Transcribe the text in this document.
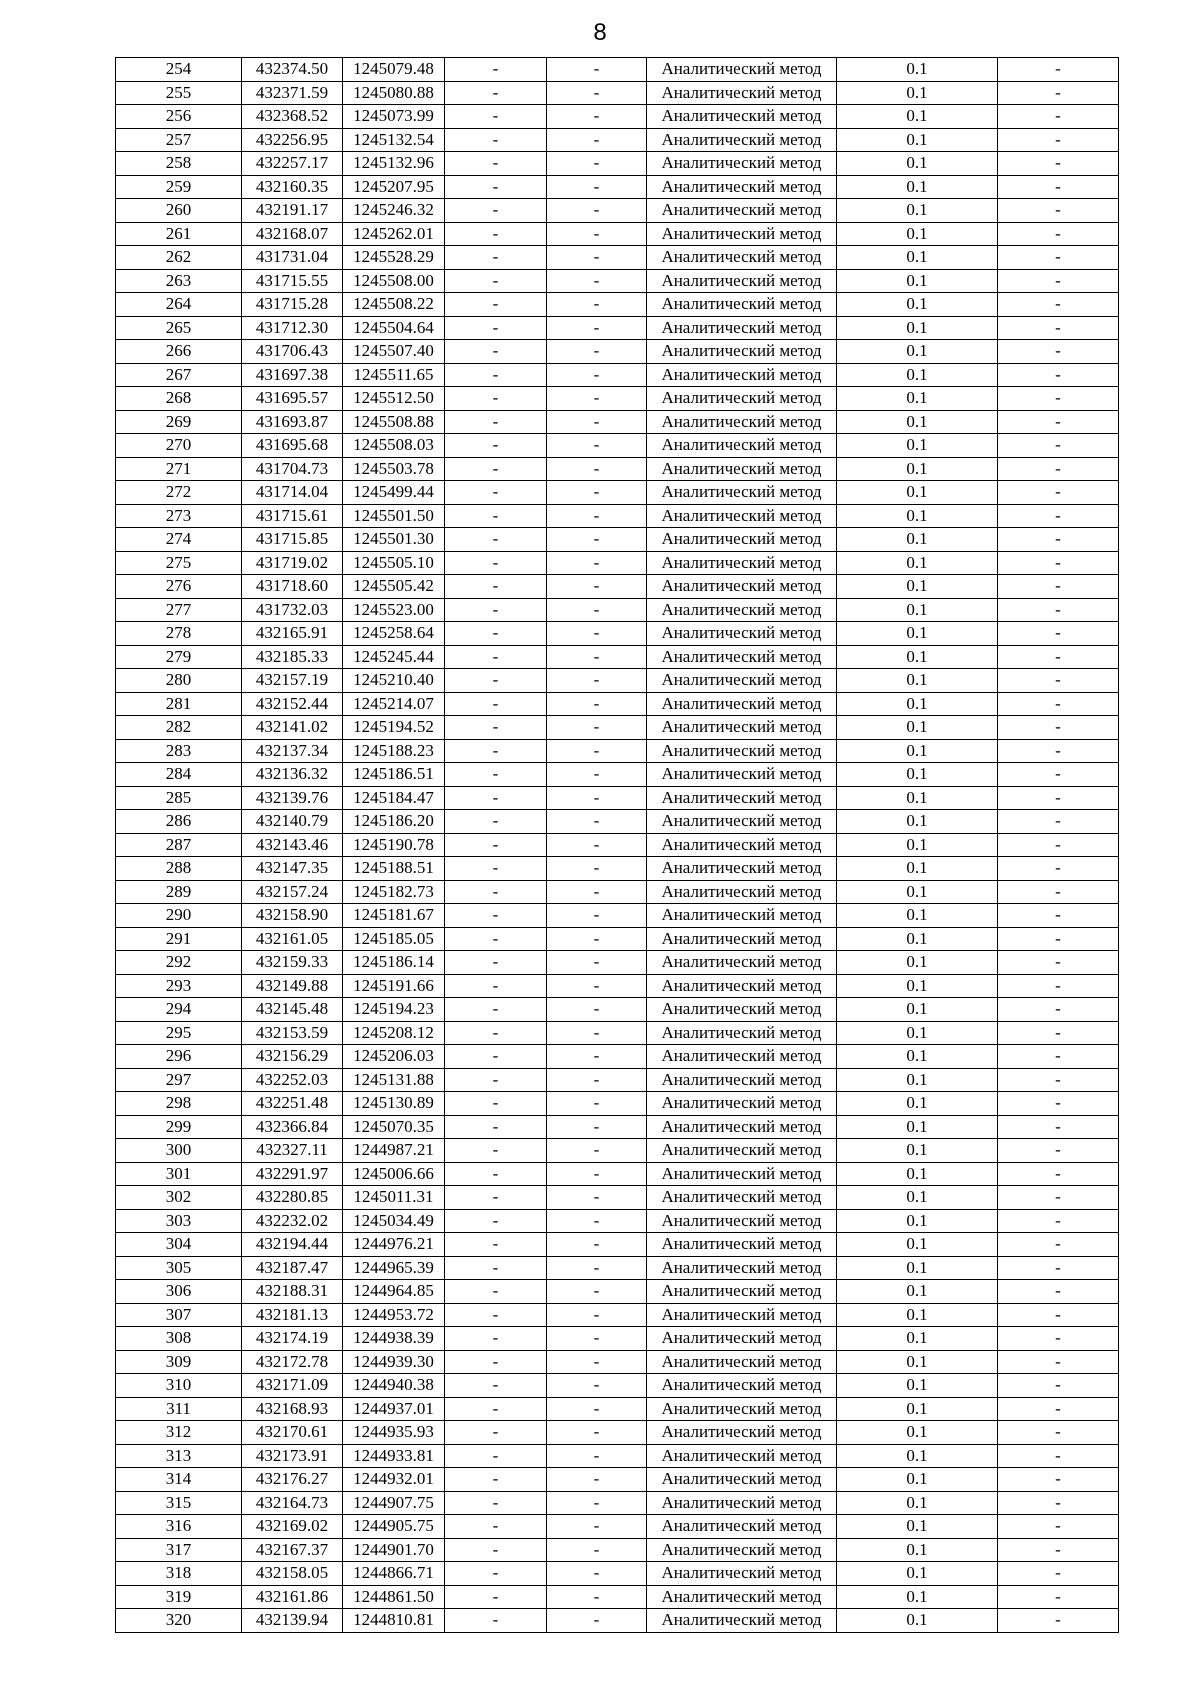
8
254	432374.50	1245079.48	-	-	Аналитический метод	0.1	-
255	432371.59	1245080.88	-	-	Аналитический метод	0.1	-
256	432368.52	1245073.99	-	-	Аналитический метод	0.1	-
257	432256.95	1245132.54	-	-	Аналитический метод	0.1	-
258	432257.17	1245132.96	-	-	Аналитический метод	0.1	-
259	432160.35	1245207.95	-	-	Аналитический метод	0.1	-
260	432191.17	1245246.32	-	-	Аналитический метод	0.1	-
261	432168.07	1245262.01	-	-	Аналитический метод	0.1	-
262	431731.04	1245528.29	-	-	Аналитический метод	0.1	-
263	431715.55	1245508.00	-	-	Аналитический метод	0.1	-
264	431715.28	1245508.22	-	-	Аналитический метод	0.1	-
265	431712.30	1245504.64	-	-	Аналитический метод	0.1	-
266	431706.43	1245507.40	-	-	Аналитический метод	0.1	-
267	431697.38	1245511.65	-	-	Аналитический метод	0.1	-
268	431695.57	1245512.50	-	-	Аналитический метод	0.1	-
269	431693.87	1245508.88	-	-	Аналитический метод	0.1	-
270	431695.68	1245508.03	-	-	Аналитический метод	0.1	-
271	431704.73	1245503.78	-	-	Аналитический метод	0.1	-
272	431714.04	1245499.44	-	-	Аналитический метод	0.1	-
273	431715.61	1245501.50	-	-	Аналитический метод	0.1	-
274	431715.85	1245501.30	-	-	Аналитический метод	0.1	-
275	431719.02	1245505.10	-	-	Аналитический метод	0.1	-
276	431718.60	1245505.42	-	-	Аналитический метод	0.1	-
277	431732.03	1245523.00	-	-	Аналитический метод	0.1	-
278	432165.91	1245258.64	-	-	Аналитический метод	0.1	-
279	432185.33	1245245.44	-	-	Аналитический метод	0.1	-
280	432157.19	1245210.40	-	-	Аналитический метод	0.1	-
281	432152.44	1245214.07	-	-	Аналитический метод	0.1	-
282	432141.02	1245194.52	-	-	Аналитический метод	0.1	-
283	432137.34	1245188.23	-	-	Аналитический метод	0.1	-
284	432136.32	1245186.51	-	-	Аналитический метод	0.1	-
285	432139.76	1245184.47	-	-	Аналитический метод	0.1	-
286	432140.79	1245186.20	-	-	Аналитический метод	0.1	-
287	432143.46	1245190.78	-	-	Аналитический метод	0.1	-
288	432147.35	1245188.51	-	-	Аналитический метод	0.1	-
289	432157.24	1245182.73	-	-	Аналитический метод	0.1	-
290	432158.90	1245181.67	-	-	Аналитический метод	0.1	-
291	432161.05	1245185.05	-	-	Аналитический метод	0.1	-
292	432159.33	1245186.14	-	-	Аналитический метод	0.1	-
293	432149.88	1245191.66	-	-	Аналитический метод	0.1	-
294	432145.48	1245194.23	-	-	Аналитический метод	0.1	-
295	432153.59	1245208.12	-	-	Аналитический метод	0.1	-
296	432156.29	1245206.03	-	-	Аналитический метод	0.1	-
297	432252.03	1245131.88	-	-	Аналитический метод	0.1	-
298	432251.48	1245130.89	-	-	Аналитический метод	0.1	-
299	432366.84	1245070.35	-	-	Аналитический метод	0.1	-
300	432327.11	1244987.21	-	-	Аналитический метод	0.1	-
301	432291.97	1245006.66	-	-	Аналитический метод	0.1	-
302	432280.85	1245011.31	-	-	Аналитический метод	0.1	-
303	432232.02	1245034.49	-	-	Аналитический метод	0.1	-
304	432194.44	1244976.21	-	-	Аналитический метод	0.1	-
305	432187.47	1244965.39	-	-	Аналитический метод	0.1	-
306	432188.31	1244964.85	-	-	Аналитический метод	0.1	-
307	432181.13	1244953.72	-	-	Аналитический метод	0.1	-
308	432174.19	1244938.39	-	-	Аналитический метод	0.1	-
309	432172.78	1244939.30	-	-	Аналитический метод	0.1	-
310	432171.09	1244940.38	-	-	Аналитический метод	0.1	-
311	432168.93	1244937.01	-	-	Аналитический метод	0.1	-
312	432170.61	1244935.93	-	-	Аналитический метод	0.1	-
313	432173.91	1244933.81	-	-	Аналитический метод	0.1	-
314	432176.27	1244932.01	-	-	Аналитический метод	0.1	-
315	432164.73	1244907.75	-	-	Аналитический метод	0.1	-
316	432169.02	1244905.75	-	-	Аналитический метод	0.1	-
317	432167.37	1244901.70	-	-	Аналитический метод	0.1	-
318	432158.05	1244866.71	-	-	Аналитический метод	0.1	-
319	432161.86	1244861.50	-	-	Аналитический метод	0.1	-
320	432139.94	1244810.81	-	-	Аналитический метод	0.1	-
